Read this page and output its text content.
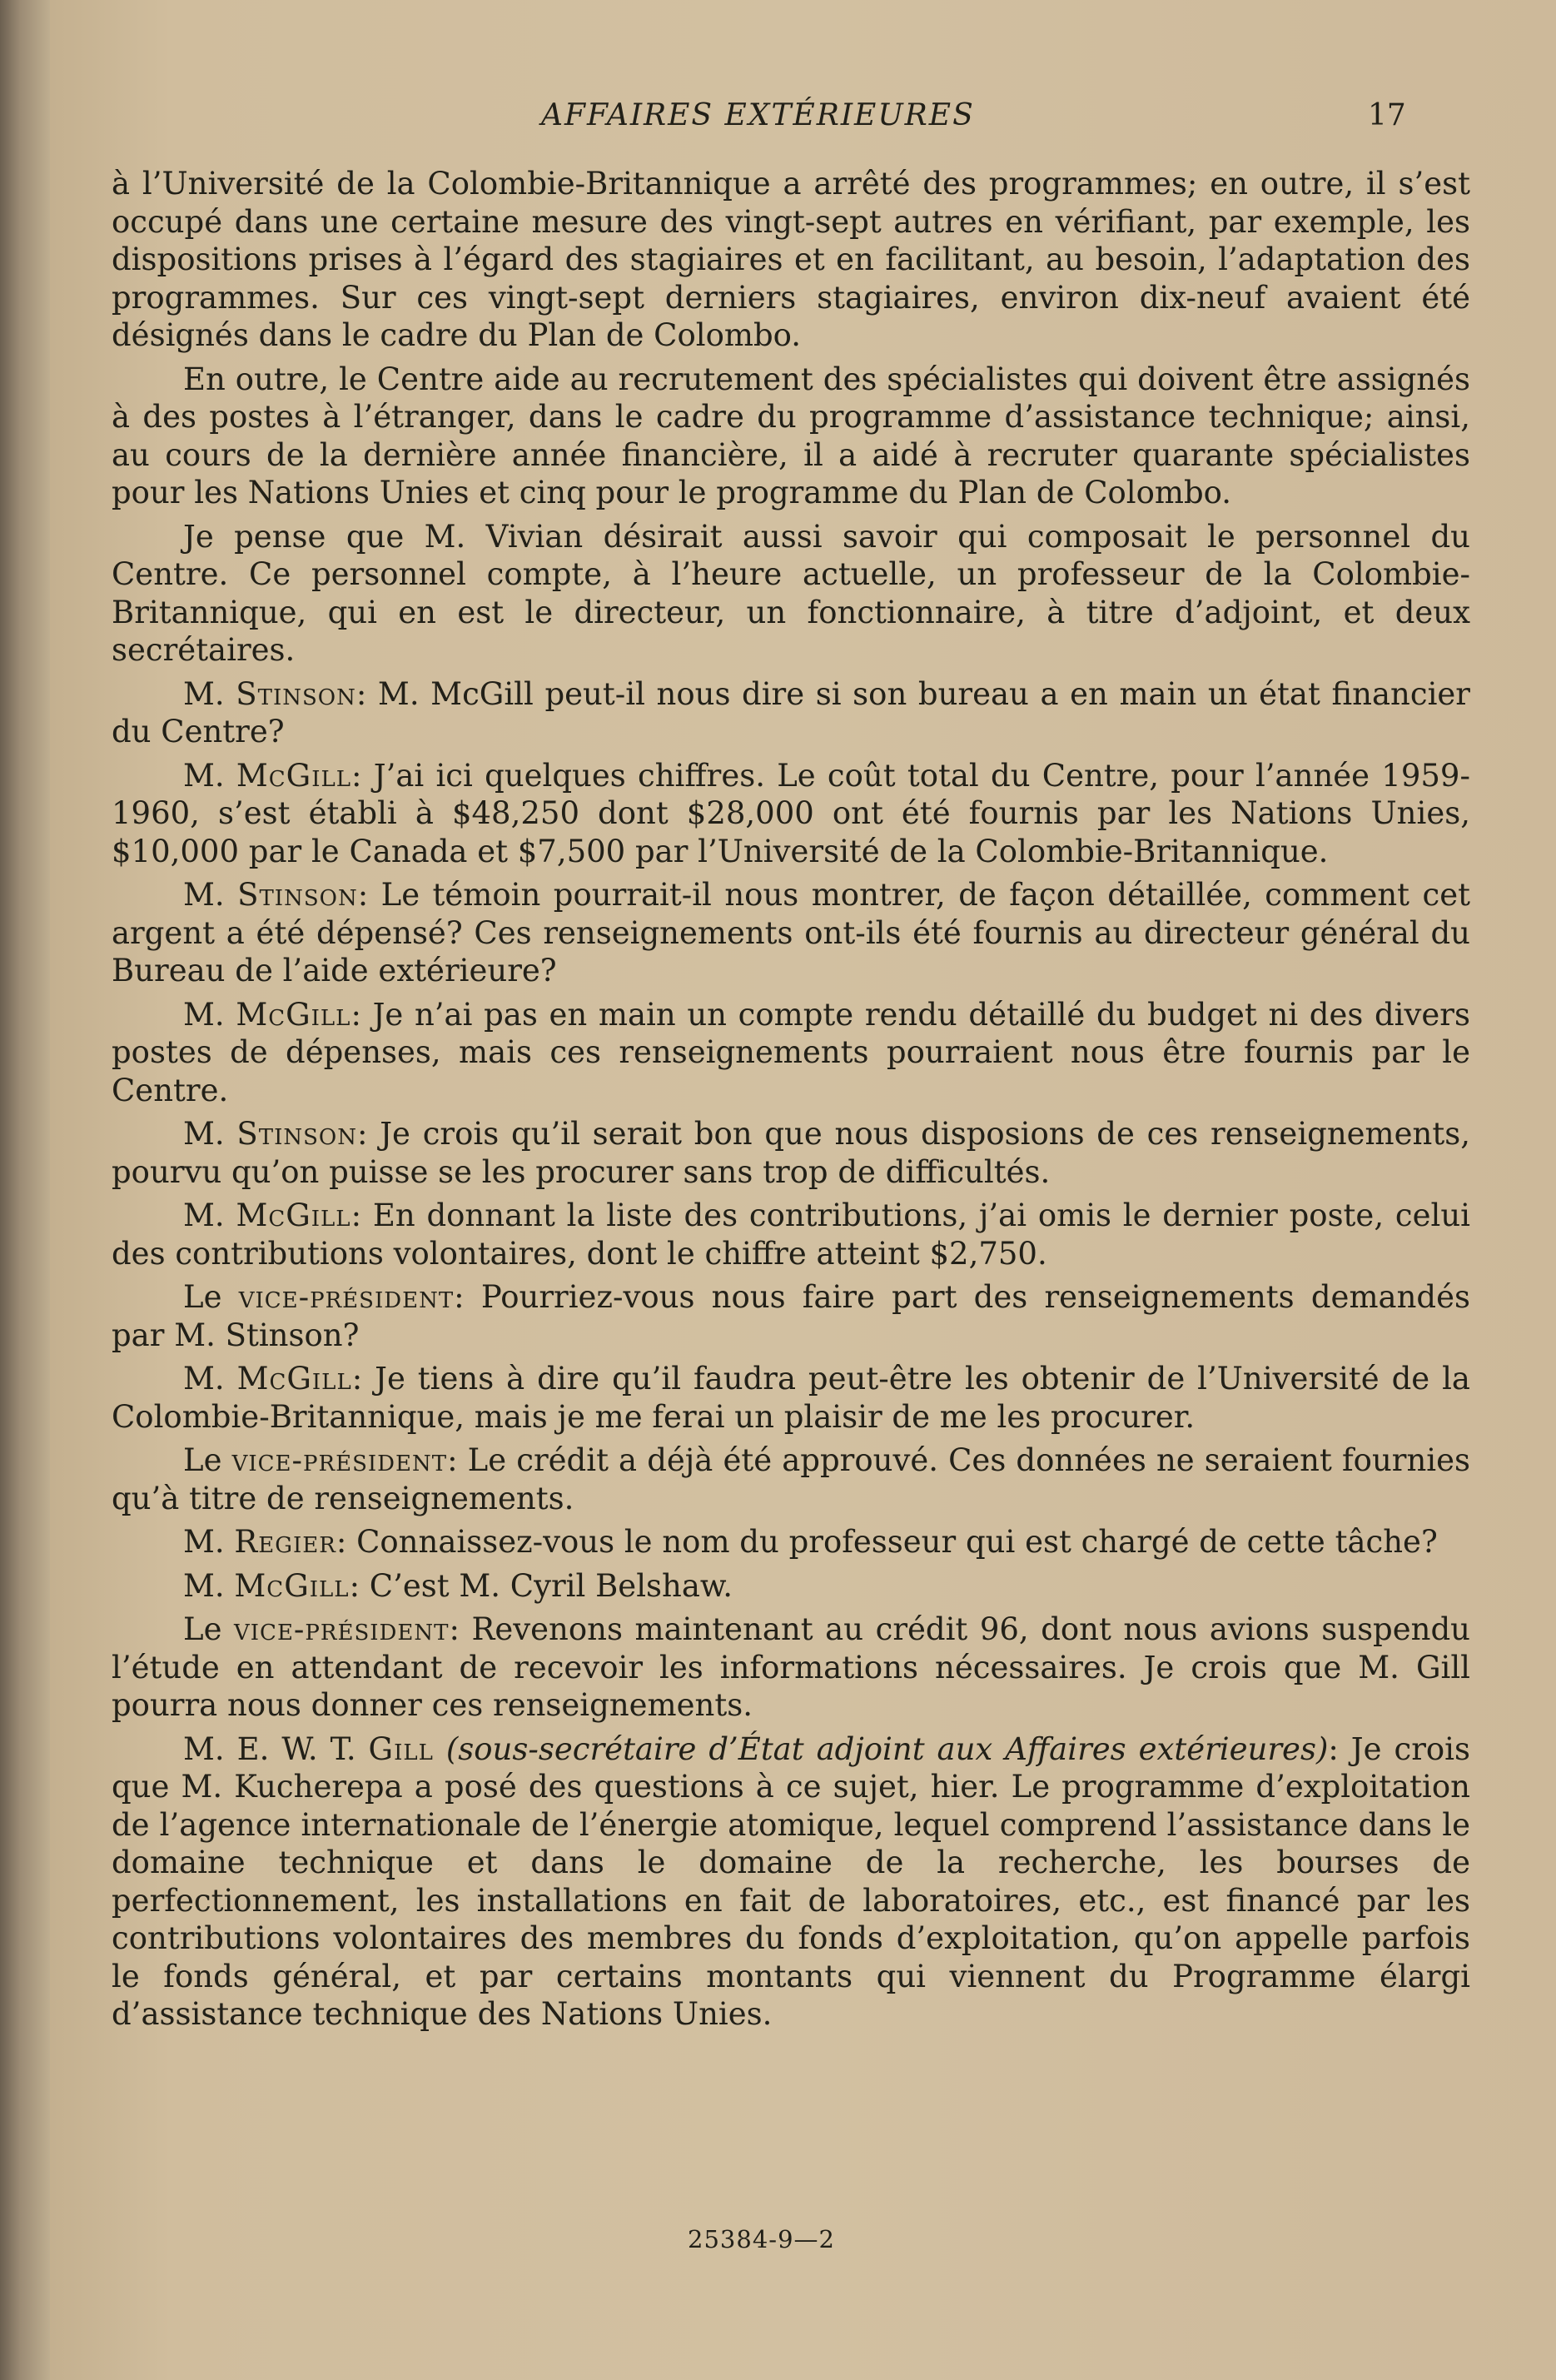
AFFAIRES EXTÉRIEURES	17

à l’Université de la Colombie-Britannique a arrêté des programmes; en outre, il s’est occupé dans une certaine mesure des vingt-sept autres en vérifiant, par exemple, les dispositions prises à l’égard des stagiaires et en facilitant, au besoin, l’adaptation des programmes. Sur ces vingt-sept derniers stagiaires, environ dix-neuf avaient été désignés dans le cadre du Plan de Colombo.

En outre, le Centre aide au recrutement des spécialistes qui doivent être assignés à des postes à l’étranger, dans le cadre du programme d’assistance technique; ainsi, au cours de la dernière année financière, il a aidé à recruter quarante spécialistes pour les Nations Unies et cinq pour le programme du Plan de Colombo.

Je pense que M. Vivian désirait aussi savoir qui composait le personnel du Centre. Ce personnel compte, à l’heure actuelle, un professeur de la Colombie-Britannique, qui en est le directeur, un fonctionnaire, à titre d’adjoint, et deux secrétaires.

M. Stinson: M. McGill peut-il nous dire si son bureau a en main un état financier du Centre?

M. McGill: J’ai ici quelques chiffres. Le coût total du Centre, pour l’année 1959-1960, s’est établi à $48,250 dont $28,000 ont été fournis par les Nations Unies, $10,000 par le Canada et $7,500 par l’Université de la Colombie-Britannique.

M. Stinson: Le témoin pourrait-il nous montrer, de façon détaillée, comment cet argent a été dépensé? Ces renseignements ont-ils été fournis au directeur général du Bureau de l’aide extérieure?

M. McGill: Je n’ai pas en main un compte rendu détaillé du budget ni des divers postes de dépenses, mais ces renseignements pourraient nous être fournis par le Centre.

M. Stinson: Je crois qu’il serait bon que nous disposions de ces renseignements, pourvu qu’on puisse se les procurer sans trop de difficultés.

M. McGill: En donnant la liste des contributions, j’ai omis le dernier poste, celui des contributions volontaires, dont le chiffre atteint $2,750.

Le vice-président: Pourriez-vous nous faire part des renseignements demandés par M. Stinson?

M. McGill: Je tiens à dire qu’il faudra peut-être les obtenir de l’Université de la Colombie-Britannique, mais je me ferai un plaisir de me les procurer.

Le vice-président: Le crédit a déjà été approuvé. Ces données ne seraient fournies qu’à titre de renseignements.

M. Regier: Connaissez-vous le nom du professeur qui est chargé de cette tâche?

M. McGill: C’est M. Cyril Belshaw.

Le vice-président: Revenons maintenant au crédit 96, dont nous avions suspendu l’étude en attendant de recevoir les informations nécessaires. Je crois que M. Gill pourra nous donner ces renseignements.

M. E. W. T. Gill (sous-secrétaire d’État adjoint aux Affaires extérieures): Je crois que M. Kucherepa a posé des questions à ce sujet, hier. Le programme d’exploitation de l’agence internationale de l’énergie atomique, lequel comprend l’assistance dans le domaine technique et dans le domaine de la recherche, les bourses de perfectionnement, les installations en fait de laboratoires, etc., est financé par les contributions volontaires des membres du fonds d’exploitation, qu’on appelle parfois le fonds général, et par certains montants qui viennent du Programme élargi d’assistance technique des Nations Unies.

25384-9—2
